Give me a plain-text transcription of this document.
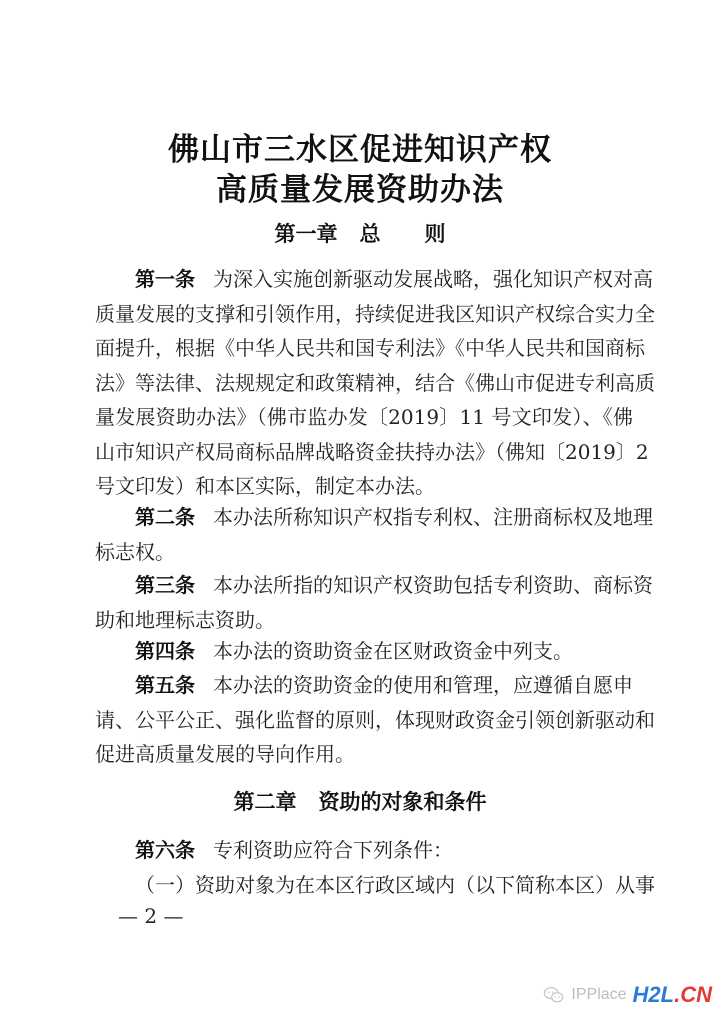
佛山市三水区促进知识产权
高质量发展资助办法
第一章 总 则
第一条 为深入实施创新驱动发展战略，强化知识产权对高
质量发展的支撑和引领作用，持续促进我区知识产权综合实力全
面提升，根据《中华人民共和国专利法》《中华人民共和国商标
法》等法律、法规规定和政策精神，结合《佛山市促进专利高质
量发展资助办法》（佛市监办发〔2019〕11 号文印发）、《佛
山市知识产权局商标品牌战略资金扶持办法》（佛知〔2019〕2
号文印发）和本区实际，制定本办法。
第二条 本办法所称知识产权指专利权、注册商标权及地理
标志权。
第三条 本办法所指的知识产权资助包括专利资助、商标资
助和地理标志资助。
第四条 本办法的资助资金在区财政资金中列支。
第五条 本办法的资助资金的使用和管理，应遵循自愿申
请、公平公正、强化监督的原则，体现财政资金引领创新驱动和
促进高质量发展的导向作用。
第二章 资助的对象和条件
第六条 专利资助应符合下列条件：
（一）资助对象为在本区行政区域内（以下简称本区）从事
— 2 —
IPPlace H2L.CN
